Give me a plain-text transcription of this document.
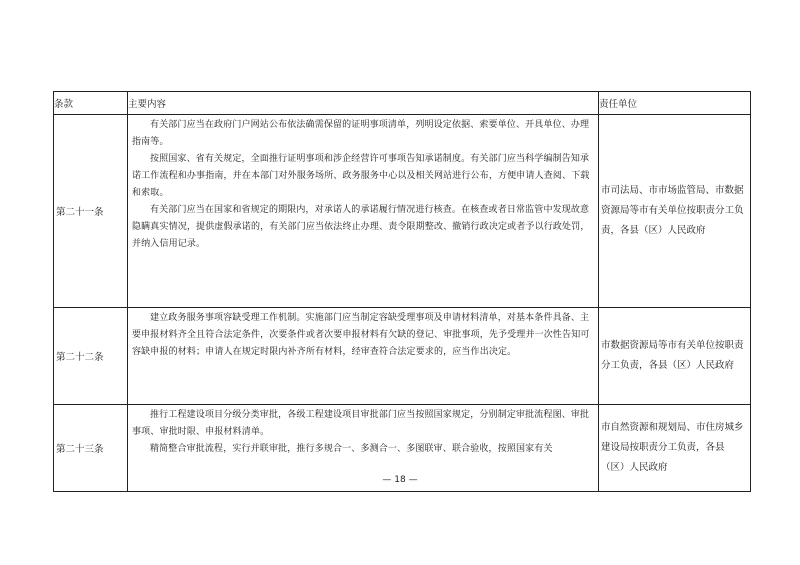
条款	主要内容	责任单位
第二十一条	有关部门应当在政府门户网站公布依法确需保留的证明事项清单，列明设定依据、索要单位、开具单位、办理指南等。

按照国家、省有关规定，全面推行证明事项和涉企经营许可事项告知承诺制度。有关部门应当科学编制告知承诺工作流程和办事指南，并在本部门对外服务场所、政务服务中心以及相关网站进行公布，方便申请人查阅、下载和索取。

有关部门应当在国家和省规定的期限内，对承诺人的承诺履行情况进行核查。在核查或者日常监管中发现故意隐瞒真实情况，提供虚假承诺的，有关部门应当依法终止办理、责令限期整改、撤销行政决定或者予以行政处罚，并纳入信用记录。	市司法局、市市场监管局、市数据资源局等市有关单位按职责分工负责，各县（区）人民政府
第二十二条	建立政务服务事项容缺受理工作机制。实施部门应当制定容缺受理事项及申请材料清单，对基本条件具备、主要申报材料齐全且符合法定条件，次要条件或者次要申报材料有欠缺的登记、审批事项，先予受理并一次性告知可容缺申报的材料；申请人在规定时限内补齐所有材料，经审查符合法定要求的，应当作出决定。	市数据资源局等市有关单位按职责分工负责，各县（区）人民政府
第二十三条	推行工程建设项目分级分类审批，各级工程建设项目审批部门应当按照国家规定，分别制定审批流程图、审批事项、审批时限、申报材料清单。

精简整合审批流程，实行并联审批，推行多规合一、多测合一、多图联审、联合验收，按照国家有关	市自然资源和规划局、市住房城乡建设局按职责分工负责，各县（区）人民政府
— 18 —
